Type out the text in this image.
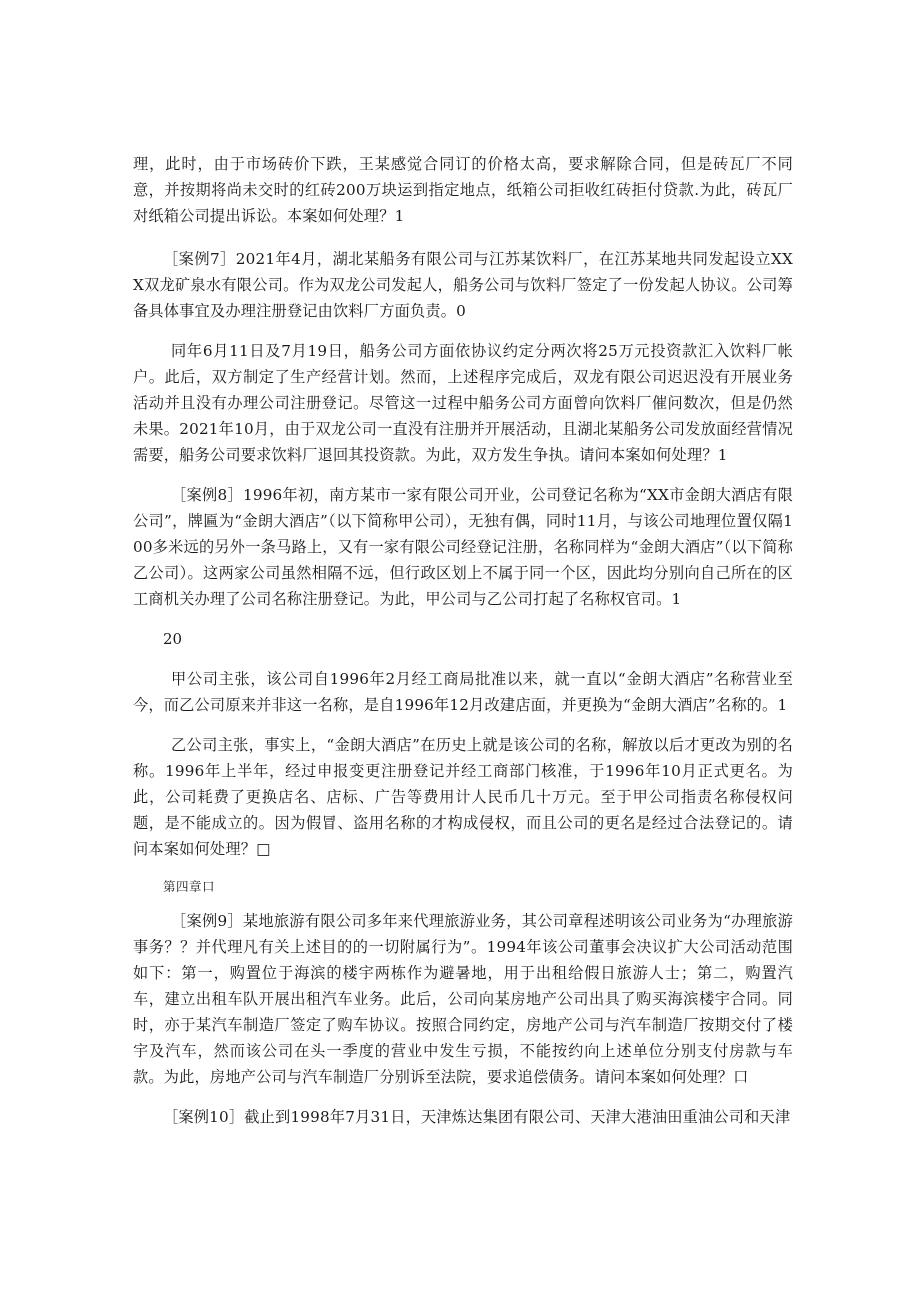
理，此时，由于市场砖价下跌，王某感觉合同订的价格太高，要求解除合同，但是砖瓦厂不同意，并按期将尚未交时的红砖200万块运到指定地点，纸箱公司拒收红砖拒付贷款.为此，砖瓦厂对纸箱公司提出诉讼。本案如何处理？1

［案例7］2021年4月，湖北某船务有限公司与江苏某饮料厂，在江苏某地共同发起设立XXX双龙矿泉水有限公司。作为双龙公司发起人，船务公司与饮料厂签定了一份发起人协议。公司筹备具体事宜及办理注册登记由饮料厂方面负责。0

同年6月11日及7月19日，船务公司方面依协议约定分两次将25万元投资款汇入饮料厂帐户。此后，双方制定了生产经营计划。然而，上述程序完成后，双龙有限公司迟迟没有开展业务活动并且没有办理公司注册登记。尽管这一过程中船务公司方面曾向饮料厂催问数次，但是仍然未果。2021年10月，由于双龙公司一直没有注册并开展活动，且湖北某船务公司发放面经营情况需要，船务公司要求饮料厂退回其投资款。为此，双方发生争执。请问本案如何处理？1

［案例8］1996年初，南方某市一家有限公司开业，公司登记名称为“XX市金朗大酒店有限公司”，牌匾为“金朗大酒店”（以下简称甲公司），无独有偶，同时11月，与该公司地理位置仅隔100多米远的另外一条马路上，又有一家有限公司经登记注册，名称同样为“金朗大酒店”（以下简称乙公司）。这两家公司虽然相隔不远，但行政区划上不属于同一个区，因此均分别向自己所在的区工商机关办理了公司名称注册登记。为此，甲公司与乙公司打起了名称权官司。1

20

甲公司主张，该公司自1996年2月经工商局批准以来，就一直以“金朗大酒店”名称营业至今，而乙公司原来并非这一名称，是自1996年12月改建店面，并更换为“金朗大酒店”名称的。1

乙公司主张，事实上，“金朗大酒店”在历史上就是该公司的名称，解放以后才更改为别的名称。1996年上半年，经过申报变更注册登记并经工商部门核准，于1996年10月正式更名。为此，公司耗费了更换店名、店标、广告等费用计人民币几十万元。至于甲公司指责名称侵权问题，是不能成立的。因为假冒、盗用名称的才构成侵权，而且公司的更名是经过合法登记的。请问本案如何处理？□

第四章口

［案例9］某地旅游有限公司多年来代理旅游业务，其公司章程述明该公司业务为“办理旅游事务？？并代理凡有关上述目的的一切附属行为”。1994年该公司董事会决议扩大公司活动范围如下：第一，购置位于海滨的楼宇两栋作为避暑地，用于出租给假日旅游人士；第二，购置汽车，建立出租车队开展出租汽车业务。此后，公司向某房地产公司出具了购买海滨楼宇合同。同时，亦于某汽车制造厂签定了购车协议。按照合同约定，房地产公司与汽车制造厂按期交付了楼宇及汽车，然而该公司在头一季度的营业中发生亏损，不能按约向上述单位分别支付房款与车款。为此，房地产公司与汽车制造厂分别诉至法院，要求追偿债务。请问本案如何处理？口

［案例10］截止到1998年7月31日，天津炼达集团有限公司、天津大港油田重油公司和天津
